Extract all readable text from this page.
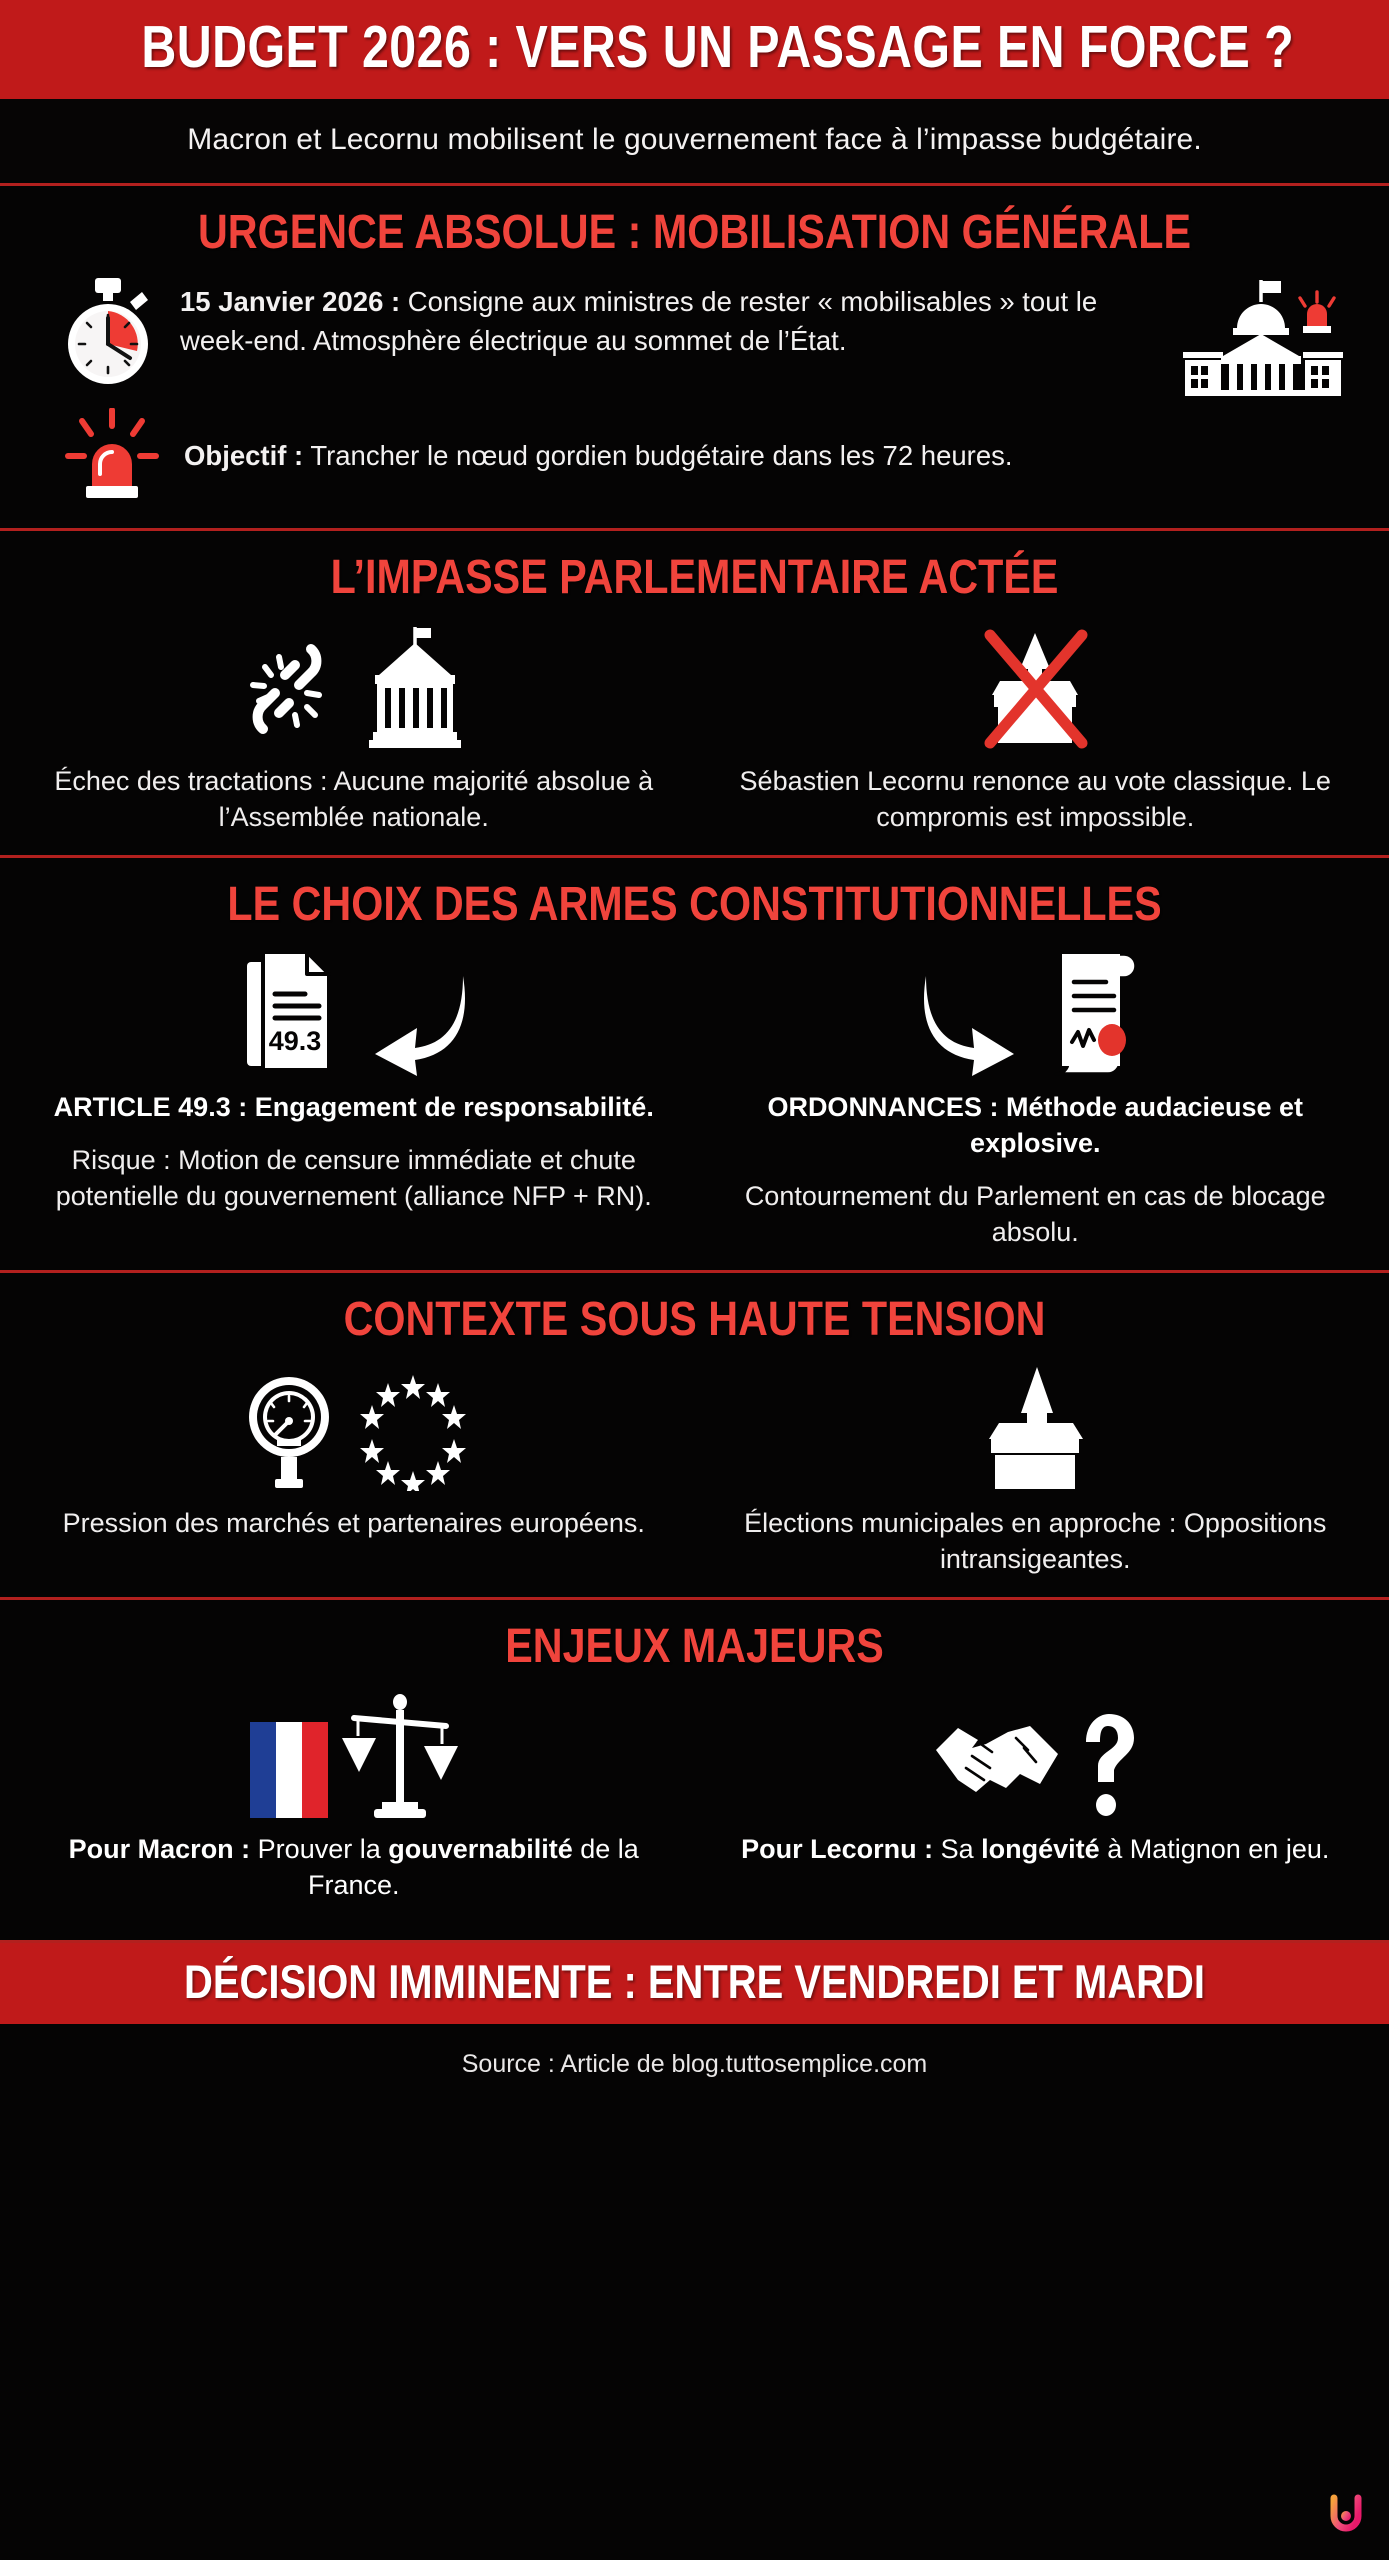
BUDGET 2026 : VERS UN PASSAGE EN FORCE ?
Macron et Lecornu mobilisent le gouvernement face à l’impasse budgétaire.
URGENCE ABSOLUE : MOBILISATION GÉNÉRALE
15 Janvier 2026 : Consigne aux ministres de rester « mobilisables » tout le week-end. Atmosphère électrique au sommet de l’État.
Objectif : Trancher le nœud gordien budgétaire dans les 72 heures.
L’IMPASSE PARLEMENTAIRE ACTÉE
Échec des tractations : Aucune majorité absolue à l’Assemblée nationale.
Sébastien Lecornu renonce au vote classique. Le compromis est impossible.
LE CHOIX DES ARMES CONSTITUTIONNELLES
49.3
ARTICLE 49.3 : Engagement de responsabilité.
Risque : Motion de censure immédiate et chute potentielle du gouvernement (alliance NFP + RN).
ORDONNANCES : Méthode audacieuse et explosive.
Contournement du Parlement en cas de blocage absolu.
CONTEXTE SOUS HAUTE TENSION
Pression des marchés et partenaires européens.	Élections municipales en approche : Oppositions intransigeantes.
ENJEUX MAJEURS
Pour Macron : Prouver la gouvernabilité de la France.
Pour Lecornu : Sa longévité à Matignon en jeu.
DÉCISION IMMINENTE : ENTRE VENDREDI ET MARDI
Source : Article de blog.tuttosemplice.com
